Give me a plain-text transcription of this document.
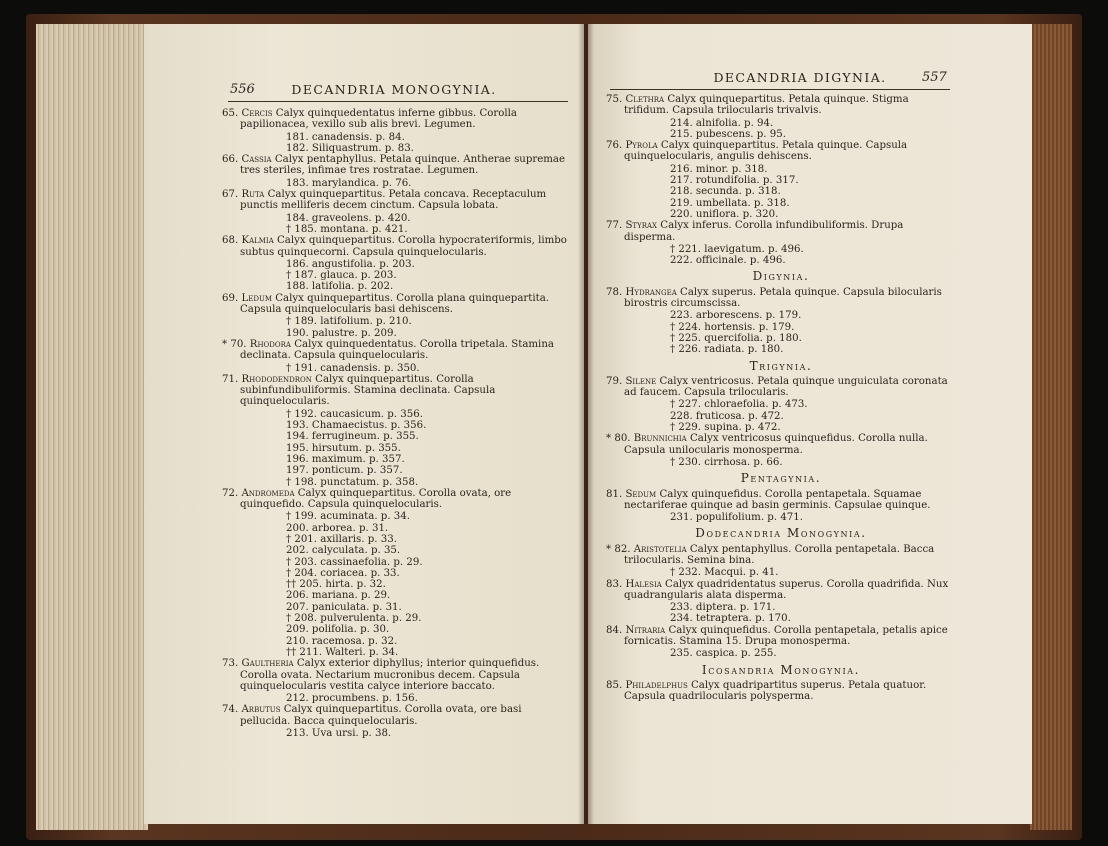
556	DECANDRIA MONOGYNIA.
65. Cercis Calyx quinquedentatus inferne gibbus. Corolla papilionacea, vexillo sub alis brevi. Legumen.
181. canadensis. p. 84.
182. Siliquastrum. p. 83.
66. Cassia Calyx pentaphyllus. Petala quinque. Antherae supremae tres steriles, infimae tres rostratae. Legumen.
183. marylandica. p. 76.
67. Ruta Calyx quinquepartitus. Petala concava. Receptaculum punctis melliferis decem cinctum. Capsula lobata.
184. graveolens. p. 420.
† 185. montana. p. 421.
68. Kalmia Calyx quinquepartitus. Corolla hypocrateriformis, limbo subtus quinquecorni. Capsula quinquelocularis.
186. angustifolia. p. 203.
† 187. glauca. p. 203.
188. latifolia. p. 202.
69. Ledum Calyx quinquepartitus. Corolla plana quinquepartita. Capsula quinquelocularis basi dehiscens.
† 189. latifolium. p. 210.
190. palustre. p. 209.
* 70. Rhodora Calyx quinquedentatus. Corolla tripetala. Stamina declinata. Capsula quinquelocularis.
† 191. canadensis. p. 350.
71. Rhododendron Calyx quinquepartitus. Corolla subinfundibuliformis. Stamina declinata. Capsula quinquelocularis.
† 192. caucasicum. p. 356.
193. Chamaecistus. p. 356.
194. ferrugineum. p. 355.
195. hirsutum. p. 355.
196. maximum. p. 357.
197. ponticum. p. 357.
† 198. punctatum. p. 358.
72. Andromeda Calyx quinquepartitus. Corolla ovata, ore quinquefido. Capsula quinquelocularis.
† 199. acuminata. p. 34.
200. arborea. p. 31.
† 201. axillaris. p. 33.
202. calyculata. p. 35.
† 203. cassinaefolia. p. 29.
† 204. coriacea. p. 33.
†† 205. hirta. p. 32.
206. mariana. p. 29.
207. paniculata. p. 31.
† 208. pulverulenta. p. 29.
209. polifolia. p. 30.
210. racemosa. p. 32.
†† 211. Walteri. p. 34.
73. Gaultheria Calyx exterior diphyllus; interior quinquefidus. Corolla ovata. Nectarium mucronibus decem. Capsula quinquelocularis vestita calyce interiore baccato.
212. procumbens. p. 156.
74. Arbutus Calyx quinquepartitus. Corolla ovata, ore basi pellucida. Bacca quinquelocularis.
213. Uva ursi. p. 38.
DECANDRIA DIGYNIA.	557
75. Clethra Calyx quinquepartitus. Petala quinque. Stigma trifidum. Capsula trilocularis trivalvis.
214. alnifolia. p. 94.
215. pubescens. p. 95.
76. Pyrola Calyx quinquepartitus. Petala quinque. Capsula quinquelocularis, angulis dehiscens.
216. minor. p. 318.
217. rotundifolia. p. 317.
218. secunda. p. 318.
219. umbellata. p. 318.
220. uniflora. p. 320.
77. Styrax Calyx inferus. Corolla infundibuliformis. Drupa disperma.
† 221. laevigatum. p. 496.
222. officinale. p. 496.
Digynia.
78. Hydrangea Calyx superus. Petala quinque. Capsula bilocularis birostris circumscissa.
223. arborescens. p. 179.
† 224. hortensis. p. 179.
† 225. quercifolia. p. 180.
† 226. radiata. p. 180.
Trigynia.
79. Silene Calyx ventricosus. Petala quinque unguiculata coronata ad faucem. Capsula trilocularis.
† 227. chloraefolia. p. 473.
228. fruticosa. p. 472.
† 229. supina. p. 472.
* 80. Brunnichia Calyx ventricosus quinquefidus. Corolla nulla. Capsula unilocularis monosperma.
† 230. cirrhosa. p. 66.
Pentagynia.
81. Sedum Calyx quinquefidus. Corolla pentapetala. Squamae nectariferae quinque ad basin germinis. Capsulae quinque.
231. populifolium. p. 471.
Dodecandria Monogynia.
* 82. Aristotelia Calyx pentaphyllus. Corolla pentapetala. Bacca trilocularis. Semina bina.
† 232. Macqui. p. 41.
83. Halesia Calyx quadridentatus superus. Corolla quadrifida. Nux quadrangularis alata disperma.
233. diptera. p. 171.
234. tetraptera. p. 170.
84. Nitraria Calyx quinquefidus. Corolla pentapetala, petalis apice fornicatis. Stamina 15. Drupa monosperma.
235. caspica. p. 255.
Icosandria Monogynia.
85. Philadelphus Calyx quadripartitus superus. Petala quatuor. Capsula quadrilocularis polysperma.
